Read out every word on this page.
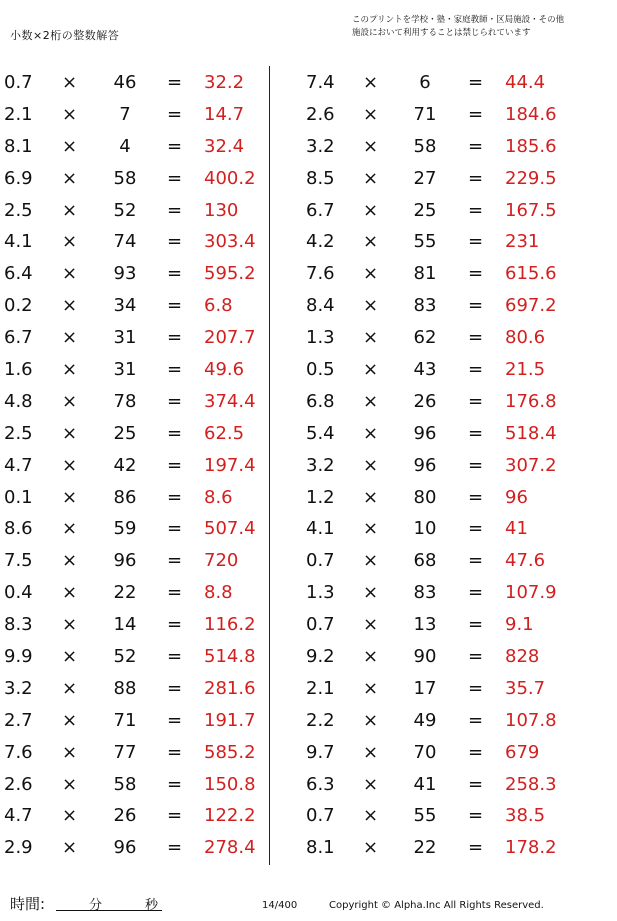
小数×2桁の整数解答
このプリントを学校・塾・家庭教師・区局施設・その他
施設において利用することは禁じられています
0.7 ×	46	= 32.2
2.1 ×	7	= 14.7
8.1 ×	4	= 32.4
6.9 ×	58	= 400.2
2.5 ×	52	= 130
4.1 ×	74	= 303.4
6.4 ×	93	= 595.2
0.2 ×	34	= 6.8
6.7 ×	31	= 207.7
1.6 ×	31	= 49.6
4.8 ×	78	= 374.4
2.5 ×	25	= 62.5
4.7 ×	42	= 197.4
0.1 ×	86	= 8.6
8.6 ×	59	= 507.4
7.5 ×	96	= 720
0.4 ×	22	= 8.8
8.3 ×	14	= 116.2
9.9 ×	52	= 514.8
3.2 ×	88	= 281.6
2.7 ×	71	= 191.7
7.6 ×	77	= 585.2
2.6 ×	58	= 150.8
4.7 ×	26	= 122.2
2.9 ×	96	= 278.4
7.4 ×	6	= 44.4
2.6 ×	71	= 184.6
3.2 ×	58	= 185.6
8.5 ×	27	= 229.5
6.7 ×	25	= 167.5
4.2 ×	55	= 231
7.6 ×	81	= 615.6
8.4 ×	83	= 697.2
1.3 ×	62	= 80.6
0.5 ×	43	= 21.5
6.8 ×	26	= 176.8
5.4 ×	96	= 518.4
3.2 ×	96	= 307.2
1.2 ×	80	= 96
4.1 ×	10	= 41
0.7 ×	68	= 47.6
1.3 ×	83	= 107.9
0.7 ×	13	= 9.1
9.2 ×	90	= 828
2.1 ×	17	= 35.7
2.2 ×	49	= 107.8
9.7 ×	70	= 679
6.3 ×	41	= 258.3
0.7 ×	55	= 38.5
8.1 ×	22	= 178.2
時間:	分	秒	14/400	Copyright © Alpha.Inc All Rights Reserved.
